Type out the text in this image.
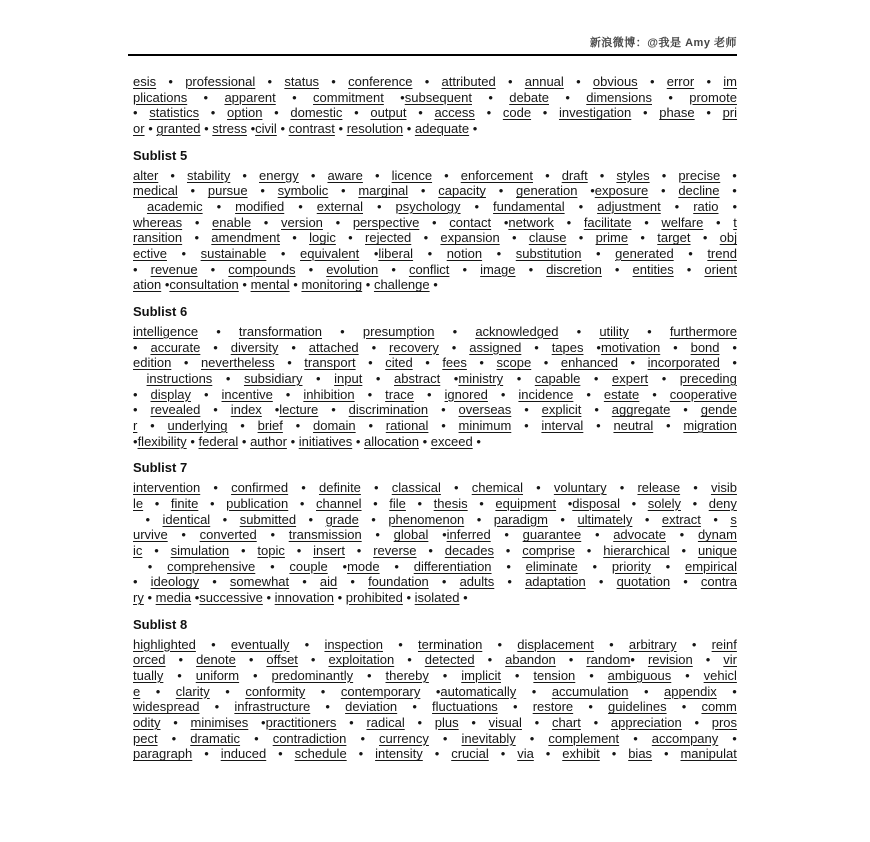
新浪微博：@我是 Amy 老师
esis • professional • status • conference • attributed • annual • obvious • error • im
plications • apparent • commitment •subsequent • debate • dimensions • promote
• statistics • option • domestic • output • access • code • investigation • phase • pri
or • granted • stress •civil • contrast • resolution • adequate •
Sublist 5
alter • stability • energy • aware • licence • enforcement • draft • styles • precise •
medical • pursue • symbolic • marginal • capacity • generation •exposure • decline •
academic • modified • external • psychology • fundamental • adjustment • ratio •
whereas • enable • version • perspective • contact •network • facilitate • welfare • t
ransition • amendment • logic • rejected • expansion • clause • prime • target • obj
ective • sustainable • equivalent •liberal • notion • substitution • generated • trend
• revenue • compounds • evolution • conflict • image • discretion • entities • orient
ation •consultation • mental • monitoring • challenge •
Sublist 6
intelligence • transformation • presumption • acknowledged • utility • furthermore
• accurate • diversity • attached • recovery • assigned • tapes •motivation • bond •
edition • nevertheless • transport • cited • fees • scope • enhanced • incorporated •
instructions • subsidiary • input • abstract •ministry • capable • expert • preceding
• display • incentive • inhibition • trace • ignored • incidence • estate • cooperative
• revealed • index •lecture • discrimination • overseas • explicit • aggregate • gende
r • underlying • brief • domain • rational • minimum • interval • neutral • migration
•flexibility • federal • author • initiatives • allocation • exceed •
Sublist 7
intervention • confirmed • definite • classical • chemical • voluntary • release • visib
le • finite • publication • channel • file • thesis • equipment •disposal • solely • deny
• identical • submitted • grade • phenomenon • paradigm • ultimately • extract • s
urvive • converted • transmission • global •inferred • guarantee • advocate • dynam
ic • simulation • topic • insert • reverse • decades • comprise • hierarchical • unique
• comprehensive • couple •mode • differentiation • eliminate • priority • empirical
• ideology • somewhat • aid • foundation • adults • adaptation • quotation • contra
ry • media •successive • innovation • prohibited • isolated •
Sublist 8
highlighted • eventually • inspection • termination • displacement • arbitrary • reinf
orced • denote • offset • exploitation • detected • abandon • random• revision • vir
tually • uniform • predominantly • thereby • implicit • tension • ambiguous • vehicl
e • clarity • conformity • contemporary •automatically • accumulation • appendix •
widespread • infrastructure • deviation • fluctuations • restore • guidelines • comm
odity • minimises •practitioners • radical • plus • visual • chart • appreciation • pros
pect • dramatic • contradiction • currency • inevitably • complement • accompany •
paragraph • induced • schedule • intensity • crucial • via • exhibit • bias • manipulat
